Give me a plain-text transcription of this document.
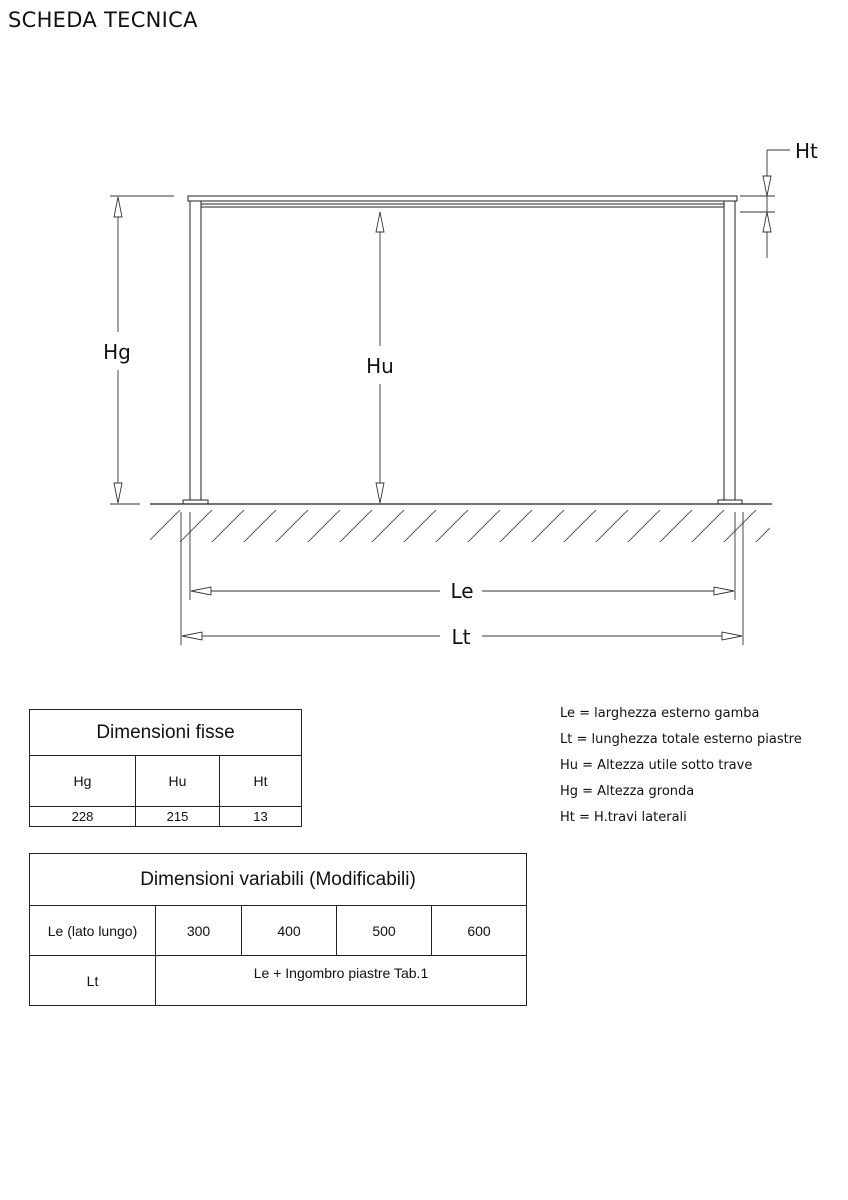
SCHEDA TECNICA
Ht
Hg
Hu
Le
Lt
Dimensioni fisse		
Hg	Hu	Ht
228	215	13
Dimensioni variabili (Modificabili)				
Le (lato lungo)	300	400	500	600
Lt	Le + Ingombro piastre Tab.1			
Le = larghezza esterno gamba
Lt = lunghezza totale esterno piastre
Hu = Altezza utile sotto trave
Hg = Altezza gronda
Ht = H.travi laterali
